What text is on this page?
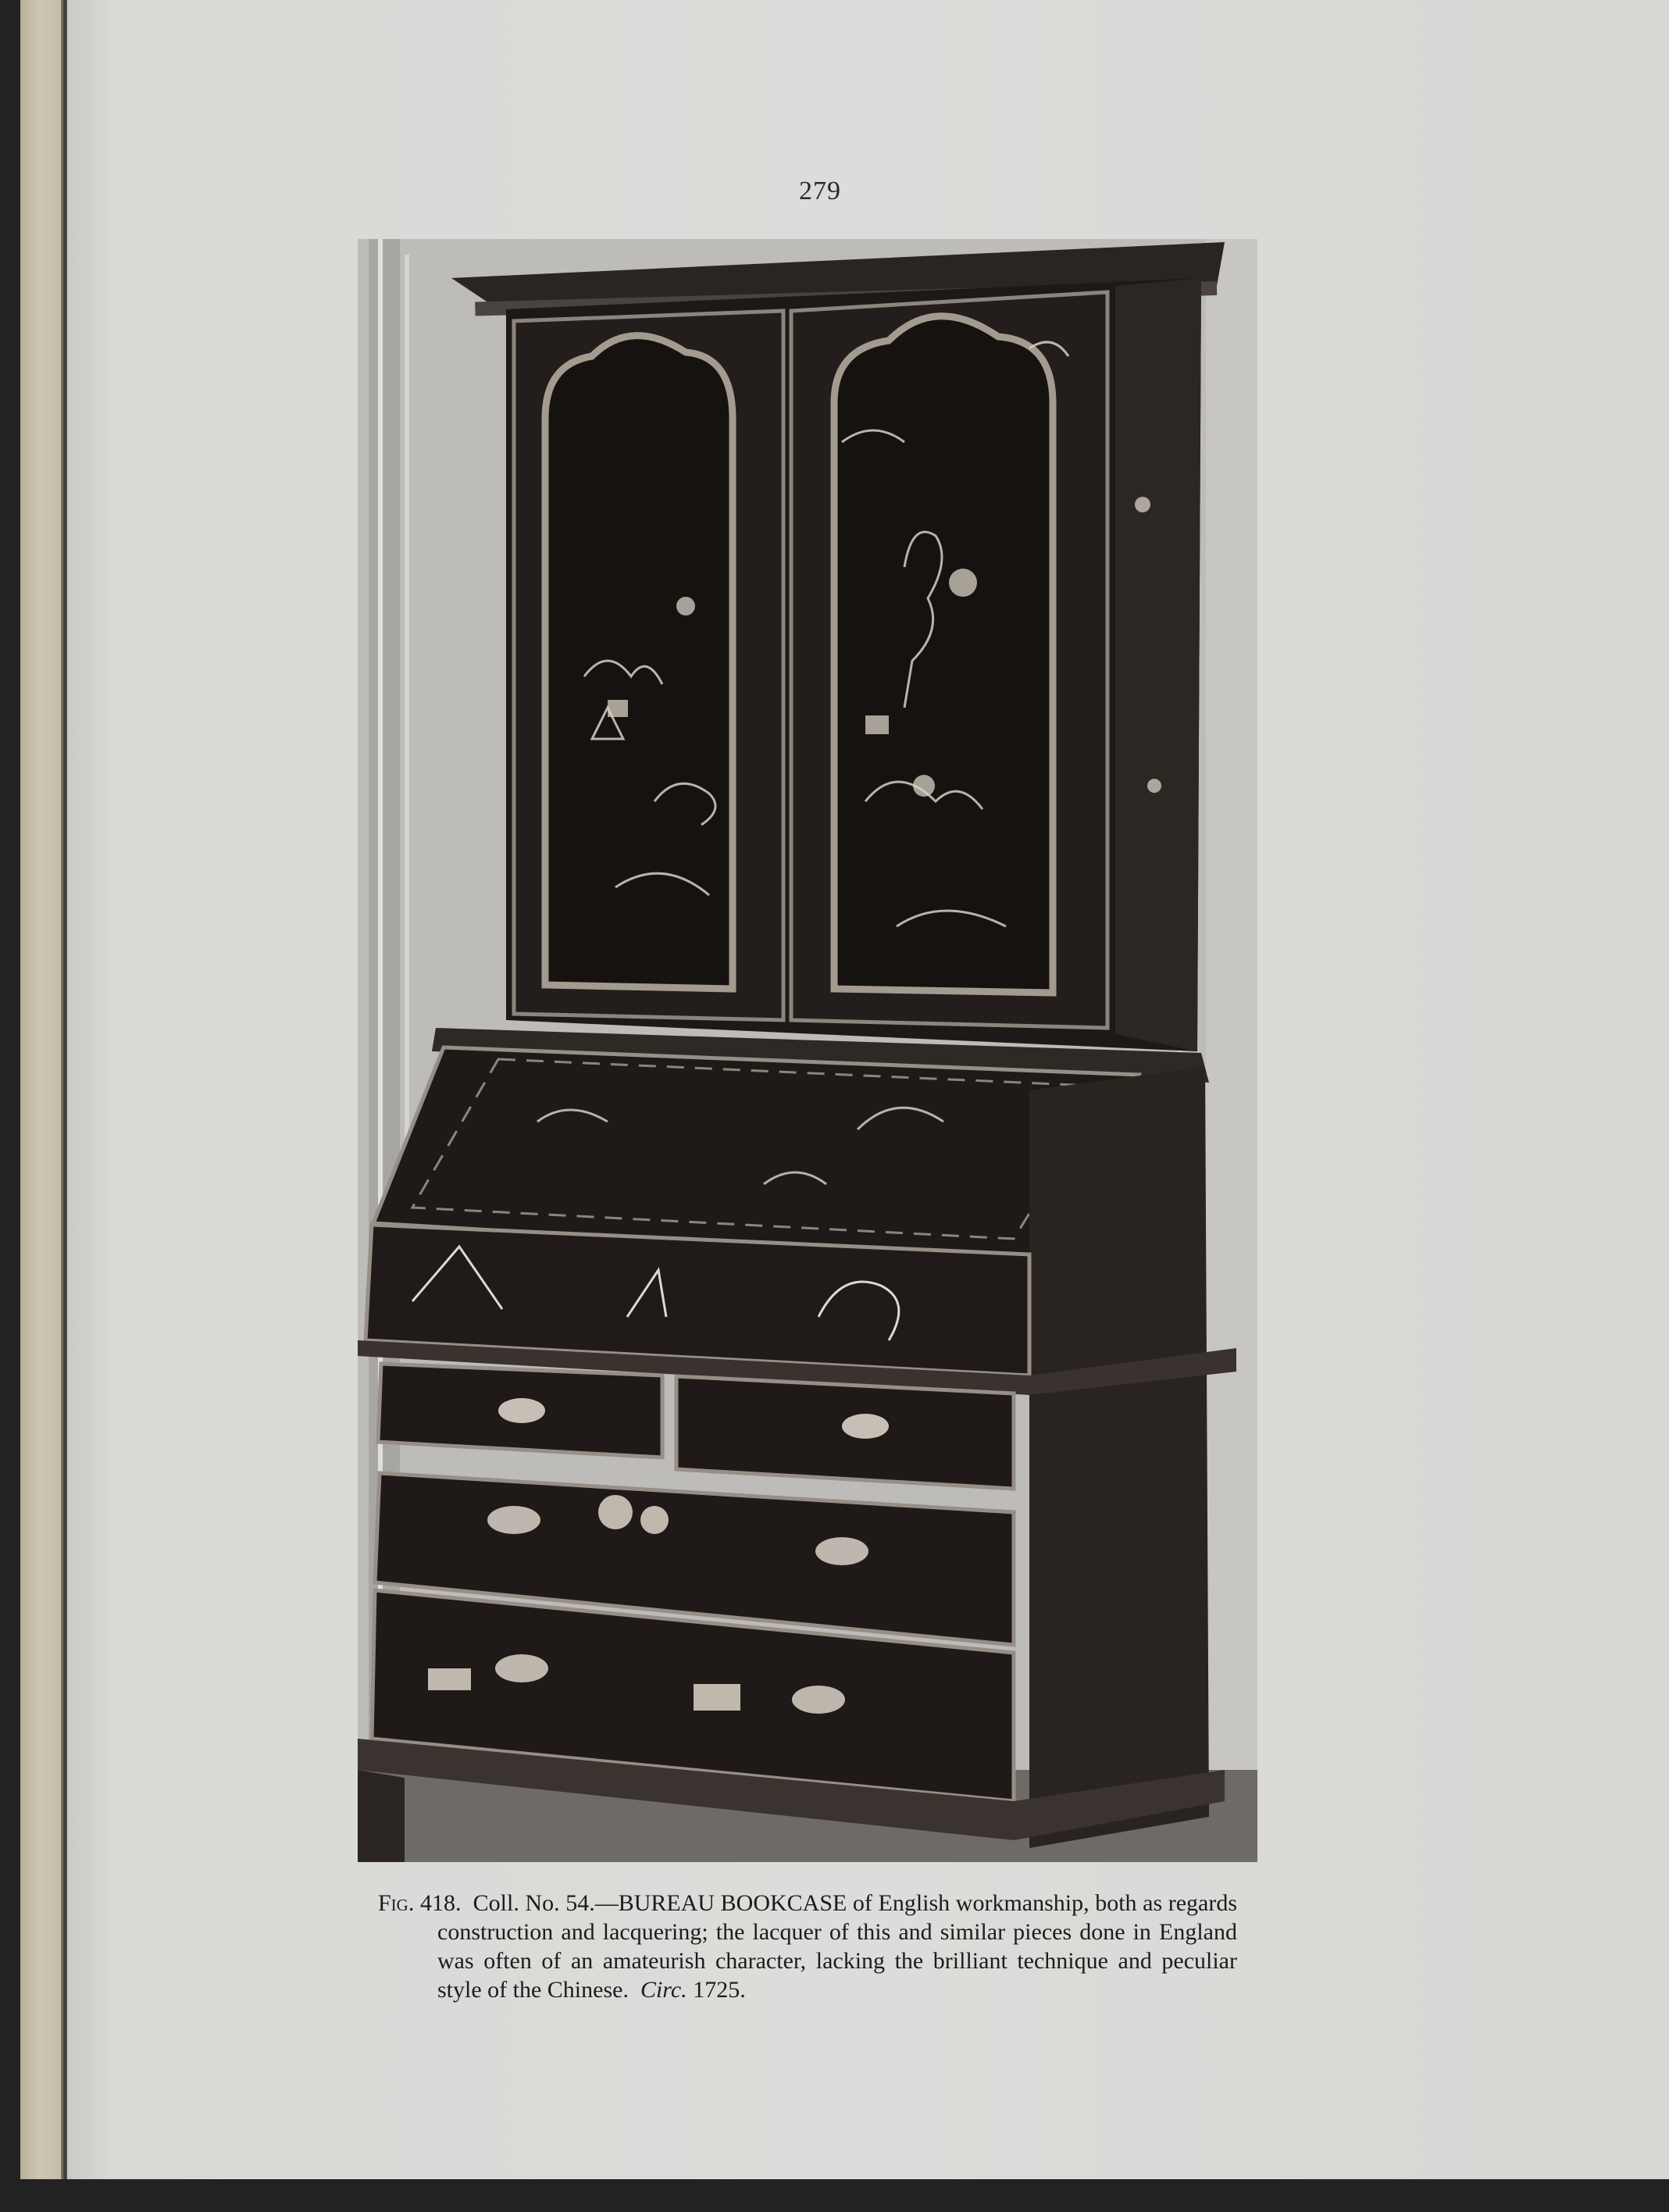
279
Fig. 418. Coll. No. 54.—BUREAU BOOKCASE of English workmanship, both as regards
construction and lacquering; the lacquer of this and similar pieces done in England
was often of an amateurish character, lacking the brilliant technique and peculiar
style of the Chinese. Circ. 1725.
